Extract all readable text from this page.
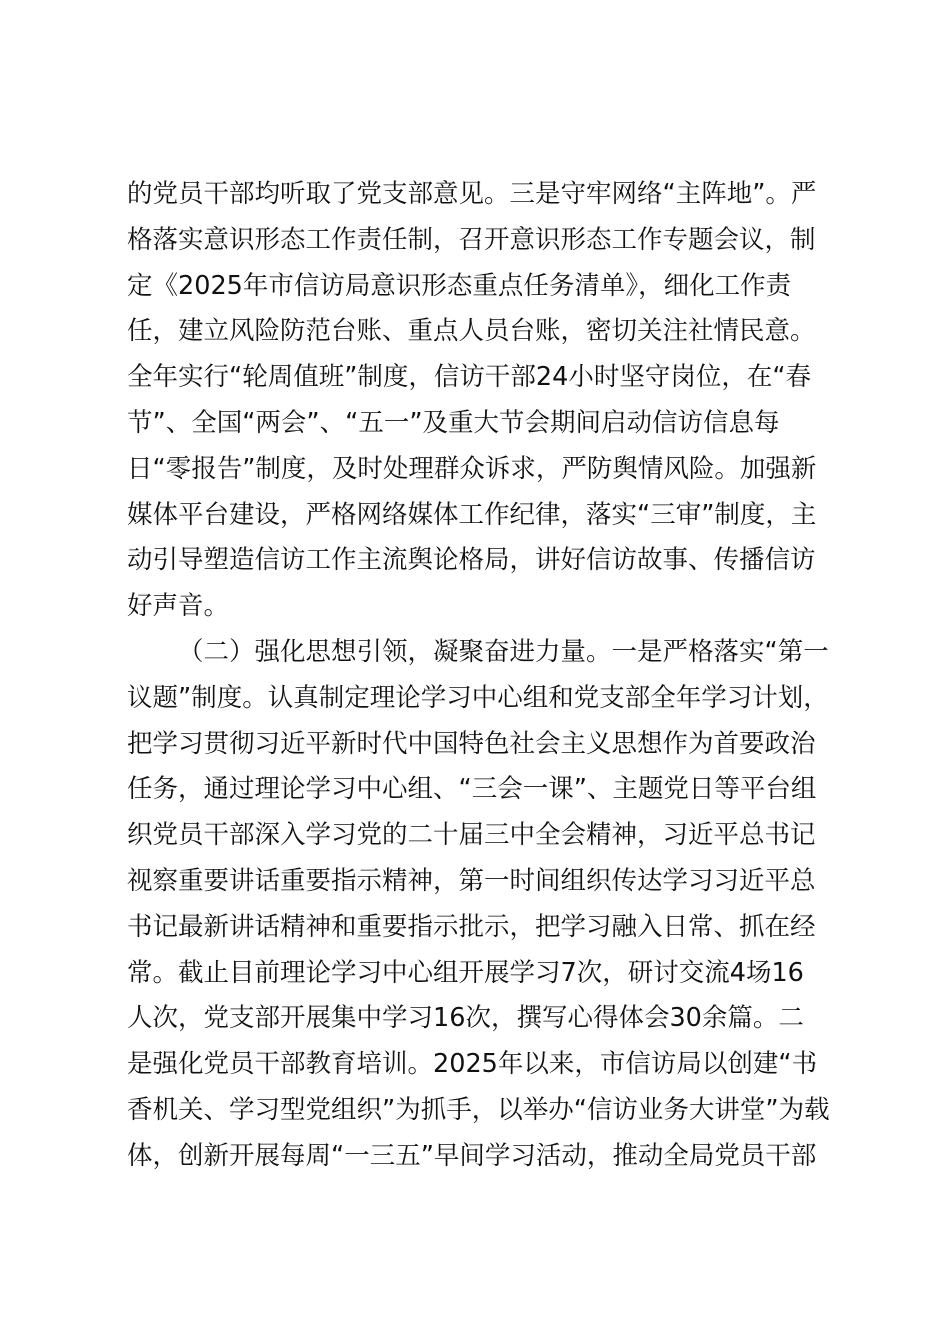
的党员干部均听取了党支部意见。三是守牢网络“主阵地”。严
格落实意识形态工作责任制，召开意识形态工作专题会议，制
定《2025年市信访局意识形态重点任务清单》，细化工作责
任，建立风险防范台账、重点人员台账，密切关注社情民意。
全年实行“轮周值班”制度，信访干部24小时坚守岗位，在“春
节”、全国“两会”、“五一”及重大节会期间启动信访信息每
日“零报告”制度，及时处理群众诉求，严防舆情风险。加强新
媒体平台建设，严格网络媒体工作纪律，落实“三审”制度，主
动引导塑造信访工作主流舆论格局，讲好信访故事、传播信访
好声音。
（二）强化思想引领，凝聚奋进力量。一是严格落实“第一
议题”制度。认真制定理论学习中心组和党支部全年学习计划，
把学习贯彻习近平新时代中国特色社会主义思想作为首要政治
任务，通过理论学习中心组、“三会一课”、主题党日等平台组
织党员干部深入学习党的二十届三中全会精神，习近平总书记
视察重要讲话重要指示精神，第一时间组织传达学习习近平总
书记最新讲话精神和重要指示批示，把学习融入日常、抓在经
常。截止目前理论学习中心组开展学习7次，研讨交流4场16
人次，党支部开展集中学习16次，撰写心得体会30余篇。二
是强化党员干部教育培训。2025年以来，市信访局以创建“书
香机关、学习型党组织”为抓手，以举办“信访业务大讲堂”为载
体，创新开展每周“一三五”早间学习活动，推动全局党员干部
